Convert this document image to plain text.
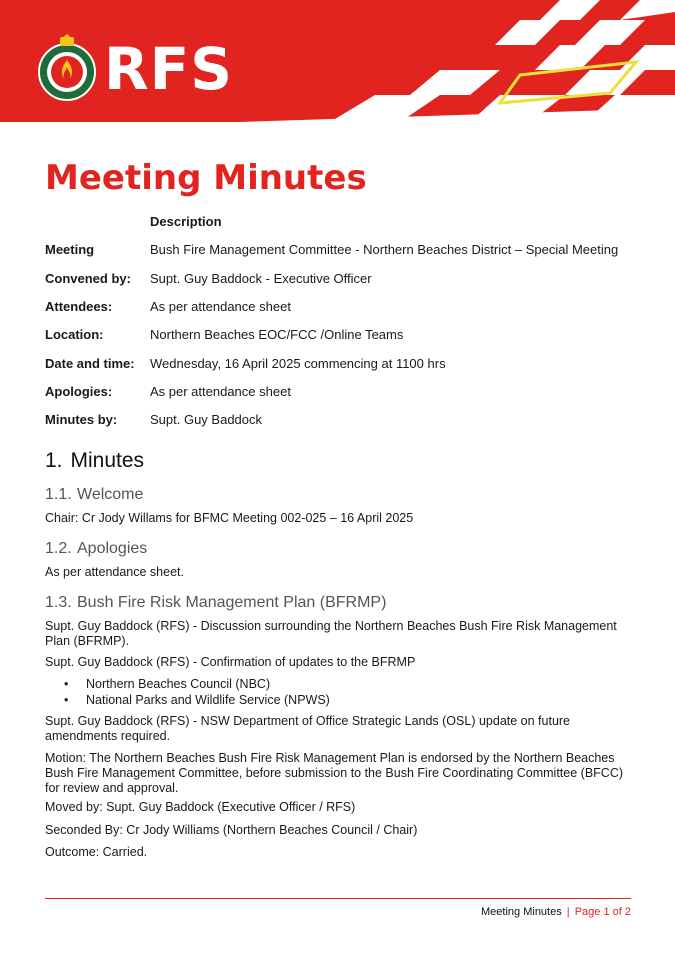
RFS
Meeting Minutes
Description
Meeting	Bush Fire Management Committee - Northern Beaches District – Special Meeting
Convened by: Supt. Guy Baddock - Executive Officer
Attendees:	As per attendance sheet
Location:	Northern Beaches EOC/FCC /Online Teams
Date and time: Wednesday, 16 April 2025 commencing at 1100 hrs
Apologies:	As per attendance sheet
Minutes by:	Supt. Guy Baddock
1. Minutes
1.1. Welcome

Chair: Cr Jody Willams for BFMC Meeting 002-025 – 16 April 2025

1.2. Apologies

As per attendance sheet.

1.3. Bush Fire Risk Management Plan (BFRMP)

Supt. Guy Baddock (RFS) - Discussion surrounding the Northern Beaches Bush Fire Risk Management Plan (BFRMP).

Supt. Guy Baddock (RFS) - Confirmation of updates to the BFRMP

• Northern Beaches Council (NBC)
• National Parks and Wildlife Service (NPWS)

Supt. Guy Baddock (RFS) - NSW Department of Office Strategic Lands (OSL) update on future amendments required.

Motion: The Northern Beaches Bush Fire Risk Management Plan is endorsed by the Northern Beaches Bush Fire Management Committee, before submission to the Bush Fire Coordinating Committee (BFCC) for review and approval.

Moved by: Supt. Guy Baddock (Executive Officer / RFS)

Seconded By: Cr Jody Williams (Northern Beaches Council / Chair)

Outcome: Carried.

Meeting Minutes | Page 1 of 2
